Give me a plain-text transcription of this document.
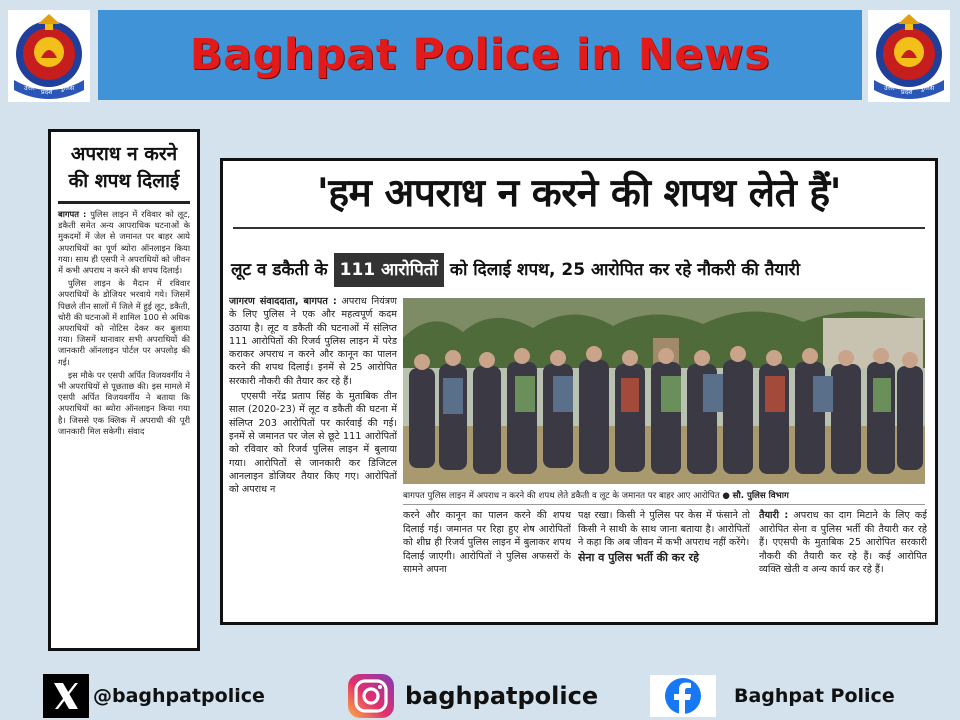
उत्तर प्रदेश पुलिस
Baghpat Police in News
उत्तर प्रदेश पुलिस
अपराध न करने
की शपथ दिलाई

बागपत : पुलिस लाइन में रविवार को लूट, डकैती समेत अन्य आपराधिक घटनाओं के मुकदमों में जेल से जमानत पर बाहर आये अपराधियों का पूर्ण ब्योरा ऑनलाइन किया गया। साथ ही एसपी ने अपराधियों को जीवन में कभी अपराध न करने की शपथ दिलाई।

पुलिस लाइन के मैदान में रविवार अपराधियों के डोजियर भरवाये गये। जिसमें पिछले तीन सालों में जिले में हुई लूट, डकैती, चोरी की घटनाओं में शामिल 100 से अधिक अपराधियों को नोटिस देकर कर बुलाया गया। जिसमें थानावार सभी अपराधियों की जानकारी ऑनलाइन पोर्टल पर अपलोड़ की गई।

इस मौके पर एसपी अर्पित विजयवर्गीय ने भी अपराधियों से पूछताछ की। इस मामले में एसपी अर्पित विजयवर्गीय ने बताया कि अपराधियों का ब्योरा ऑनलाइन किया गया है। जिससे एक क्लिक में अपराधी की पूरी जानकारी मिल सकेगी। संवाद

'हम अपराध न करने की शपथ लेते हैं'
लूट व डकैती के 111 आरोपितों को दिलाई शपथ, 25 आरोपित कर रहे नौकरी की तैयारी

जागरण संवाददाता, बागपत : अपराध नियंत्रण के लिए पुलिस ने एक और महत्वपूर्ण कदम उठाया है। लूट व डकैती की घटनाओं में संलिप्त 111 आरोपितों की रिजर्व पुलिस लाइन में परेड कराकर अपराध न करने और कानून का पालन करने की शपथ दिलाई। इनमें से 25 आरोपित सरकारी नौकरी की तैयार कर रहे हैं।

एएसपी नरेंद्र प्रताप सिंह के मुताबिक तीन साल (2020-23) में लूट व डकैती की घटना में संलिप्त 203 आरोपितों पर कार्रवाई की गई। इनमें से जमानत पर जेल से छूटे 111 आरोपितों को रविवार को रिजर्व पुलिस लाइन में बुलाया गया। आरोपितों से जानकारी कर डिजिटल आनलाइन डोजियर तैयार किए गए। आरोपितों को अपराध न

बागपत पुलिस लाइन में अपराध न करने की शपथ लेते डकैती व लूट के जमानत पर बाहर आए आरोपित ● सौ. पुलिस विभाग
करने और कानून का पालन करने की शपथ दिलाई गई। जमानत पर रिहा हुए शेष आरोपितों को शीघ्र ही रिजर्व पुलिस लाइन में बुलाकर शपथ दिलाई जाएगी। आरोपितों ने पुलिस अफसरों के सामने अपना
पक्ष रखा। किसी ने पुलिस पर केस में फंसाने तो किसी ने साथी के साथ जाना बताया है। आरोपितों ने कहा कि अब जीवन में कभी अपराध नहीं करेंगे।
सेना व पुलिस भर्ती की कर रहे
तैयारी : अपराध का दाग मिटाने के लिए कई आरोपित सेना व पुलिस भर्ती की तैयारी कर रहे हैं। एएसपी के मुताबिक 25 आरोपित सरकारी नौकरी की तैयारी कर रहे हैं। कई आरोपित व्यक्ति खेती व अन्य कार्य कर रहे हैं।
@baghpatpolice	baghpatpolice	Baghpat Police
